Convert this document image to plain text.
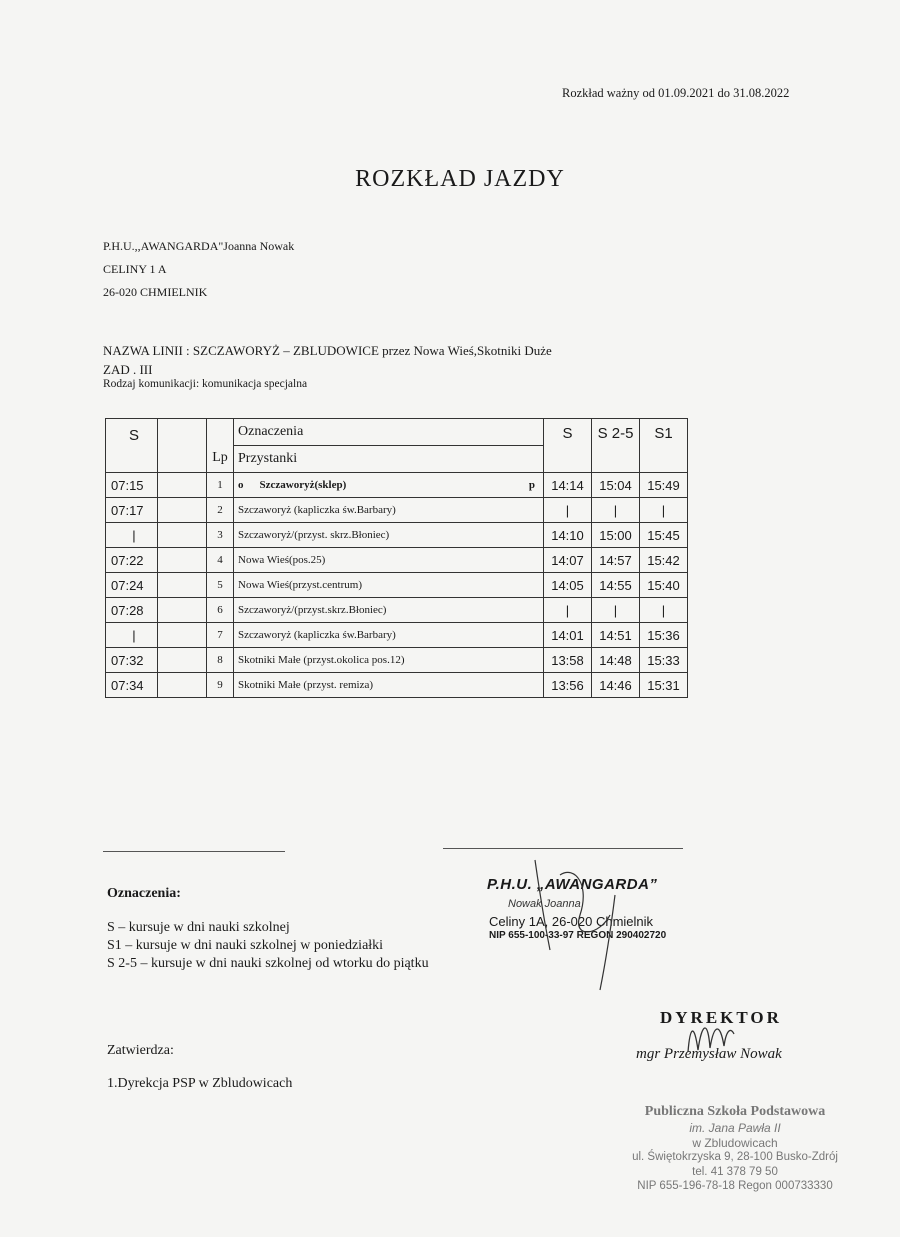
Rozkład ważny od 01.09.2021 do 31.08.2022
ROZKŁAD JAZDY
P.H.U.,,AWANGARDA"Joanna Nowak
CELINY 1 A
26-020 CHMIELNIK
NAZWA LINII : SZCZAWORYŻ – ZBLUDOWICE przez Nowa Wieś,Skotniki Duże
ZAD . III
Rodzaj komunikacji: komunikacja specjalna
S		Lp	Oznaczenia	S	S 2-5	S1
			Przystanki			
07:15		1	o Szczaworyż(sklep) p	14:14	15:04	15:49
07:17		2	Szczaworyż (kapliczka św.Barbary)	|	|	|
|		3	Szczaworyż/(przyst. skrz.Błoniec)	14:10	15:00	15:45
07:22		4	Nowa Wieś(pos.25)	14:07	14:57	15:42
07:24		5	Nowa Wieś(przyst.centrum)	14:05	14:55	15:40
07:28		6	Szczaworyż/(przyst.skrz.Błoniec)	|	|	|
|		7	Szczaworyż (kapliczka św.Barbary)	14:01	14:51	15:36
07:32		8	Skotniki Małe (przyst.okolica pos.12)	13:58	14:48	15:33
07:34		9	Skotniki Małe (przyst. remiza)	13:56	14:46	15:31
Oznaczenia:
S – kursuje w dni nauki szkolnej
S1 – kursuje w dni nauki szkolnej w poniedziałki
S 2-5 – kursuje w dni nauki szkolnej od wtorku do piątku
Zatwierdza:
1.Dyrekcja PSP w Zbludowicach
P.H.U. „AWANGARDA”
Nowak Joanna
Celiny 1A, 26-020 Chmielnik
NIP 655-100-33-97 REGON 290402720
DYREKTOR
mgr Przemysław Nowak
Publiczna Szkoła Podstawowa
im. Jana Pawła II
w Zbludowicach
ul. Świętokrzyska 9, 28-100 Busko-Zdrój
tel. 41 378 79 50
NIP 655-196-78-18 Regon 000733330
